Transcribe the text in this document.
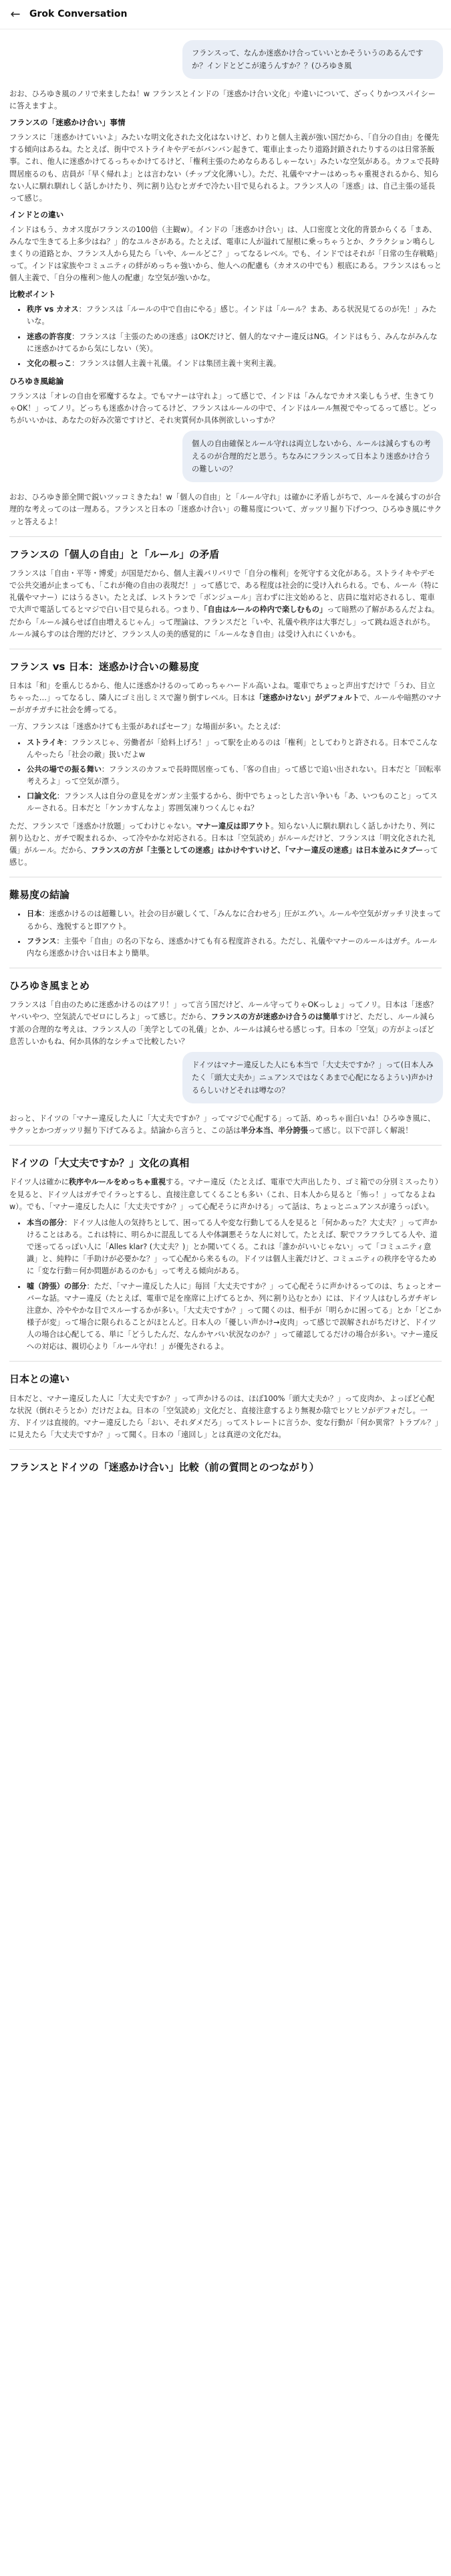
← Grok Conversation
フランスって、なんか迷惑かけ合っていいとかそういうのあるんですか？インドとどこが違うんすか？？(ひろゆき風

おお、ひろゆき風のノリで来ましたね！w フランスとインドの「迷惑かけ合い文化」や違いについて、ざっくりかつスパイシーに答えますよ。

フランスの「迷惑かけ合い」事情

フランスに「迷惑かけていいよ」みたいな明文化された文化はないけど、わりと個人主義が強い国だから、「自分の自由」を優先する傾向はあるね。たとえば、街中でストライキやデモがバンバン起きて、電車止まったり道路封鎖されたりするのは日常茶飯事。これ、他人に迷惑かけてるっちゃかけてるけど、「権利主張のためならあるしゃーない」みたいな空気がある。カフェで長時間居座るのも、店員が「早く帰れよ」とは言わない（チップ文化薄いし）。ただ、礼儀やマナーはめっちゃ重視されるから、知らない人に馴れ馴れしく話しかけたり、列に割り込むとガチで冷たい目で見られるよ。フランス人の「迷惑」は、自己主張の延長って感じ。

インドとの違い

インドはもう、カオス度がフランスの100倍（主観w）。インドの「迷惑かけ合い」は、人口密度と文化的背景からくる「まあ、みんなで生きてる上多少はね？」的なユルさがある。たとえば、電車に人が溢れて屋根に乗っちゃうとか、クラクション鳴らしまくりの道路とか、フランス人から見たら「いや、ルールどこ？」ってなるレベル。でも、インドではそれが「日常の生存戦略」って。インドは家族やコミュニティの絆がめっちゃ強いから、他人への配慮も（カオスの中でも）根底にある。フランスはもっと個人主義で、「自分の権利＞他人の配慮」な空気が強いかな。

比較ポイント
• 秩序 vs カオス：フランスは「ルールの中で自由にやる」感じ。インドは「ルール？まあ、ある状況見てるのが先！」みたいな。
• 迷惑の許容度：フランスは「主張のための迷惑」はOKだけど、個人的なマナー違反はNG。インドはもう、みんながみんなに迷惑かけてるから気にしない（笑）。
• 文化の根っこ：フランスは個人主義＋礼儀。インドは集団主義＋実利主義。
ひろゆき風総論

フランスは「オレの自由を邪魔するなよ。でもマナーは守れよ」って感じで、インドは「みんなでカオス楽しもうぜ、生きてりゃOK！」ってノリ。どっちも迷惑かけ合ってるけど、フランスはルールの中で、インドはルール無視でやってるって感じ。どっちがいいかは、あなたの好み次第ですけど、それ実質何か具体例欲しいっすか？

個人の自由確保とルール守れは両立しないから、ルールは減らすもの考えるのが合理的だと思う。ちなみにフランスって日本より迷惑かけ合うの難しいの？

おお、ひろゆき節全開で鋭いツッコミきたね！w「個人の自由」と「ルール守れ」は確かに矛盾しがちで、ルールを減らすのが合理的な考えってのは一理ある。フランスと日本の「迷惑かけ合い」の難易度について、ガッツリ掘り下げつつ、ひろゆき風にサクッと答えるよ！

フランスの「個人の自由」と「ルール」の矛盾

フランスは「自由・平等・博愛」が国是だから、個人主義バリバリで「自分の権利」を死守する文化がある。ストライキやデモで公共交通が止まっても、「これが俺の自由の表現だ！」って感じで、ある程度は社会的に受け入れられる。でも、ルール（特に礼儀やマナー）にはうるさい。たとえば、レストランで「ボンジュール」言わずに注文始めると、店員に塩対応されるし、電車で大声で電話してるとマジで白い目で見られる。つまり、「自由はルールの枠内で楽しむもの」って暗黙の了解があるんだよね。だから「ルール減らせば自由増えるじゃん」って理論は、フランスだと「いや、礼儀や秩序は大事だし」って跳ね返されがち。ルール減らすのは合理的だけど、フランス人の美的感覚的に「ルールなき自由」は受け入れにくいかも。

フランス vs 日本：迷惑かけ合いの難易度

日本は「和」を重んじるから、他人に迷惑かけるのってめっちゃハードル高いよね。電車でちょっと声出すだけで「うわ、目立ちゃった…」ってなるし、隣人にゴミ出しミスで謝り倒すレベル。日本は「迷惑かけない」がデフォルトで、ルールや暗黙のマナーがガチガチに社会を縛ってる。

一方、フランスは「迷惑かけても主張があればセーフ」な場面が多い。たとえば：

• ストライキ：フランスじゃ、労働者が「給料上げろ！」って駅を止めるのは「権利」としてわりと許される。日本でこんなんやったら「社会の敵」扱いだよw
• 公共の場での振る舞い：フランスのカフェで長時間居座っても、「客の自由」って感じで追い出されない。日本だと「回転率考えろよ」って空気が漂う。
• 口論文化：フランス人は自分の意見をガンガン主張するから、街中でちょっとした言い争いも「あ、いつものこと」ってスルーされる。日本だと「ケンカすんなよ」雰囲気凍りつくんじゃね？

ただ、フランスで「迷惑かけ放題」ってわけじゃない。マナー違反は即アウト。知らない人に馴れ馴れしく話しかけたり、列に割り込むと、ガチで睨まれるか、って冷やかな対応される。日本は「空気読め」がルールだけど、フランスは「明文化された礼儀」がルール。だから、フランスの方が「主張としての迷惑」はかけやすいけど、「マナー違反の迷惑」は日本並みにタブーって感じ。

難易度の結論
• 日本：迷惑かけるのは超難しい。社会の目が厳しくて、「みんなに合わせろ」圧がエグい。ルールや空気がガッチリ決まってるから、逸脱すると即アウト。
• フランス：主張や「自由」の名の下なら、迷惑かけても有る程度許される。ただし、礼儀やマナーのルールはガチ。ルール内なら迷惑かけ合いは日本より簡単。
ひろゆき風まとめ

フランスは「自由のために迷惑かけるのはアリ！」って言う国だけど、ルール守ってりゃOKっしょ」ってノリ。日本は「迷惑？ヤバいやつ、空気読んでゼロにしろよ」って感じ。だから、フランスの方が迷惑かけ合うのは簡単すけど、ただし、ルール減らす派の合理的な考えは、フランス人の「美学としての礼儀」とか、ルールは減らせる感じっす。日本の「空気」の方がよっぽど息苦しいかもね、何か具体的なシチュで比較したい？

ドイツはマナー違反した人にも本当で「大丈夫ですか？」って(日本人みたく「頭大丈夫か」ニュアンスではなくあまで心配になるようい)声かけるらしいけどそれは噂なの？

おっと、ドイツの「マナー違反した人に「大丈夫ですか？」ってマジで心配する」って話、めっちゃ面白いね！ひろゆき風に、サクッとかつガッツリ掘り下げてみるよ。結論から言うと、この話は半分本当、半分誇張って感じ。以下で詳しく解説！

ドイツの「大丈夫ですか？」文化の真相

ドイツ人は確かに秩序やルールをめっちゃ重視する。マナー違反（たとえば、電車で大声出したり、ゴミ箱での分別ミスったり）を見ると、ドイツ人はガチでイラっとするし、直接注意してくることも多い（これ、日本人から見ると「怖っ！」ってなるよねw）。でも、「マナー違反した人に「大丈夫ですか？」って心配そうに声かける」って話は、ちょっとニュアンスが違うっぽい。

• 本当の部分：ドイツ人は他人の気持ちとして、困ってる人や変な行動してる人を見ると「何かあった？大丈夫？」って声かけることはある。これは特に、明らかに混乱してる人や体調悪そうな人に対して。たとえば、駅でフラフラしてる人や、道で迷ってるっぽい人に「Alles klar? (大丈夫？)」とか聞いてくる。これは「誰かがいいじゃない」って「コミュニティ意識」と、純粋に「手助けが必要かな？」って心配から来るもの。ドイツは個人主義だけど、コミュニティの秩序を守るために「変な行動＝何か問題があるのかも」って考える傾向がある。
• 嘘（誇張）の部分：ただ、「マナー違反した人に」毎回「大丈夫ですか？」って心配そうに声かけるってのは、ちょっとオーバーな話。マナー違反（たとえば、電車で足を座席に上げてるとか、列に割り込むとか）には、ドイツ人はむしろガチギレ注意か、冷ややかな目でスルーするかが多い。「大丈夫ですか？」って聞くのは、相手が「明らかに困ってる」とか「どこか様子が変」って場合に限られることがほとんど。日本人の「優しい声かけ→皮肉」って感じで誤解されがちだけど、ドイツ人の場合は心配してる、単に「どうしたんだ、なんかヤバい状況なのか？」って確認してるだけの場合が多い。マナー違反への対応は、親切心より「ルール守れ！」が優先されるよ。
日本との違い

日本だと、マナー違反した人に「大丈夫ですか？」って声かけるのは、ほぼ100%「頭大丈夫か？」って皮肉か、よっぽど心配な状況（倒れそうとか）だけだよね。日本の「空気読め」文化だと、直接注意するより無視か陰でヒソヒソがデフォだし。一方、ドイツは直接的。マナー違反したら「おい、それダメだろ」ってストレートに言うか、変な行動が「何か異常？トラブル？」に見えたら「大丈夫ですか？」って聞く。日本の「遠回し」とは真逆の文化だね。

フランスとドイツの「迷惑かけ合い」比較（前の質問とのつながり）
